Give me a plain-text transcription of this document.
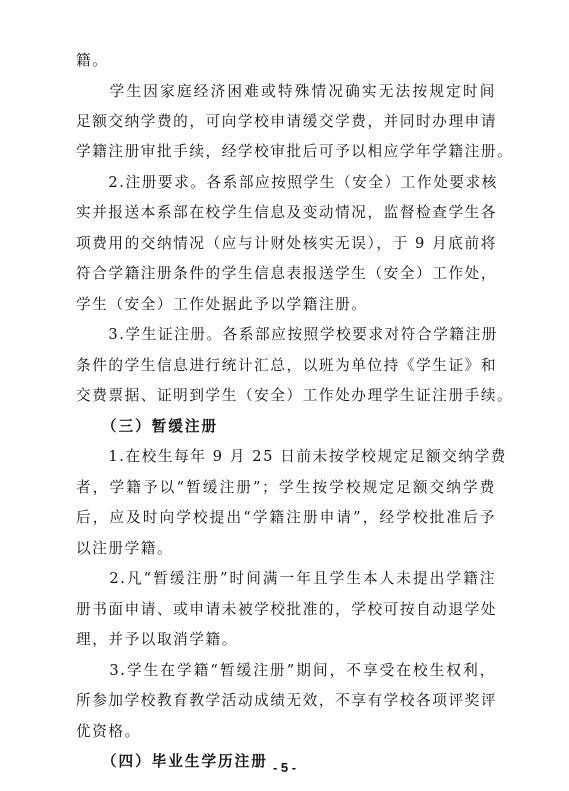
籍。
　　学生因家庭经济困难或特殊情况确实无法按规定时间
足额交纳学费的，可向学校申请缓交学费，并同时办理申请
学籍注册审批手续，经学校审批后可予以相应学年学籍注册。
　　2.注册要求。各系部应按照学生（安全）工作处要求核
实并报送本系部在校学生信息及变动情况，监督检查学生各
项费用的交纳情况（应与计财处核实无误），于 9 月底前将
符合学籍注册条件的学生信息表报送学生（安全）工作处，
学生（安全）工作处据此予以学籍注册。
　　3.学生证注册。各系部应按照学校要求对符合学籍注册
条件的学生信息进行统计汇总，以班为单位持《学生证》和
交费票据、证明到学生（安全）工作处办理学生证注册手续。
　　（三）暂缓注册
　　1.在校生每年 9 月 25 日前未按学校规定足额交纳学费
者，学籍予以“暂缓注册”；学生按学校规定足额交纳学费
后，应及时向学校提出“学籍注册申请”，经学校批准后予
以注册学籍。
　　2.凡“暂缓注册”时间满一年且学生本人未提出学籍注
册书面申请、或申请未被学校批准的，学校可按自动退学处
理，并予以取消学籍。
　　3.学生在学籍“暂缓注册”期间，不享受在校生权利，
所参加学校教育教学活动成绩无效，不享有学校各项评奖评
优资格。
　　（四）毕业生学历注册 - 5 -
